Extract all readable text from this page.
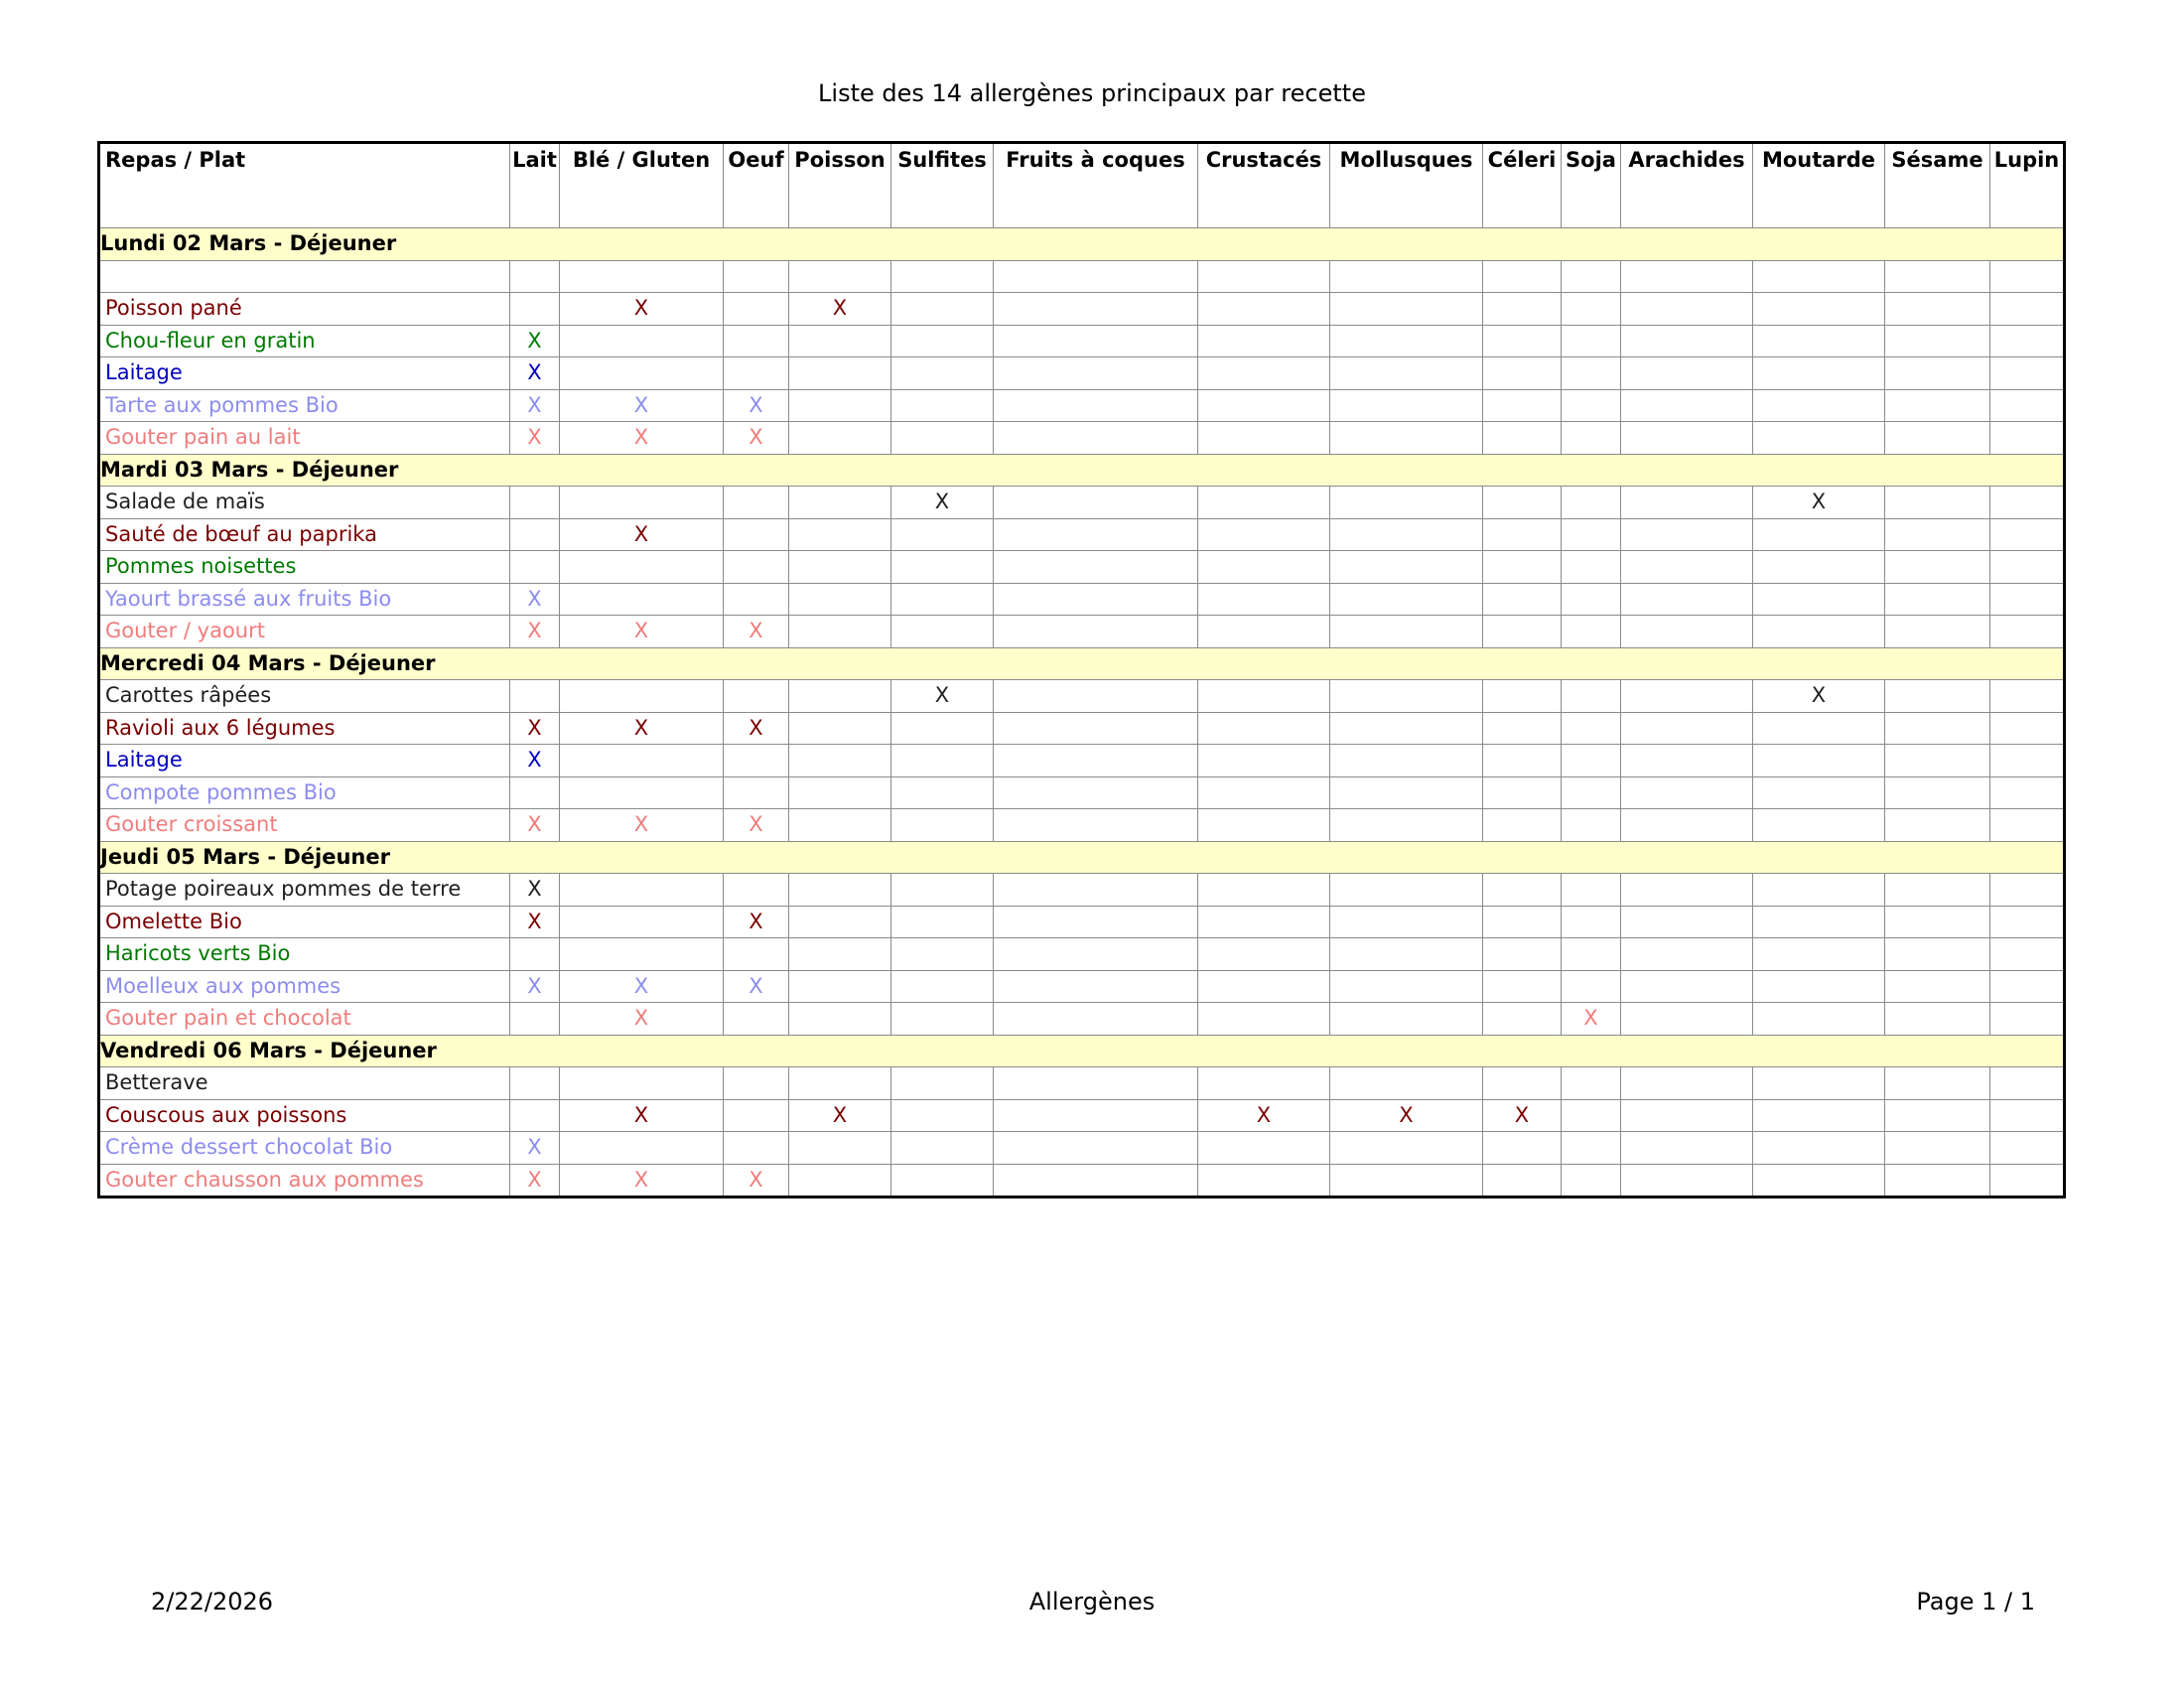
Liste des 14 allergènes principaux par recette
Repas / Plat	Lait	Blé / Gluten	Oeuf	Poisson	Sulfites	Fruits à coques	Crustacés	Mollusques	Céleri	Soja	Arachides	Moutarde	Sésame	Lupin
Lundi 02 Mars - Déjeuner														

Poisson pané		X		X										
Chou-fleur en gratin	X													
Laitage	X													
Tarte aux pommes Bio	X	X	X											
Gouter pain au lait	X	X	X											
Mardi 03 Mars - Déjeuner														
Salade de maïs					X							X		
Sauté de bœuf au paprika		X												
Pommes noisettes														
Yaourt brassé aux fruits Bio	X													
Gouter / yaourt	X	X	X											
Mercredi 04 Mars - Déjeuner														
Carottes râpées					X							X		
Ravioli aux 6 légumes	X	X	X											
Laitage	X													
Compote pommes Bio														
Gouter croissant	X	X	X											
Jeudi 05 Mars - Déjeuner														
Potage poireaux pommes de terre	X													
Omelette Bio	X		X											
Haricots verts Bio														
Moelleux aux pommes	X	X	X											
Gouter pain et chocolat		X								X				
Vendredi 06 Mars - Déjeuner														
Betterave														
Couscous aux poissons		X		X			X	X	X					
Crème dessert chocolat Bio	X													
Gouter chausson aux pommes	X	X	X											
2/22/2026	Allergènes	Page 1 / 1
